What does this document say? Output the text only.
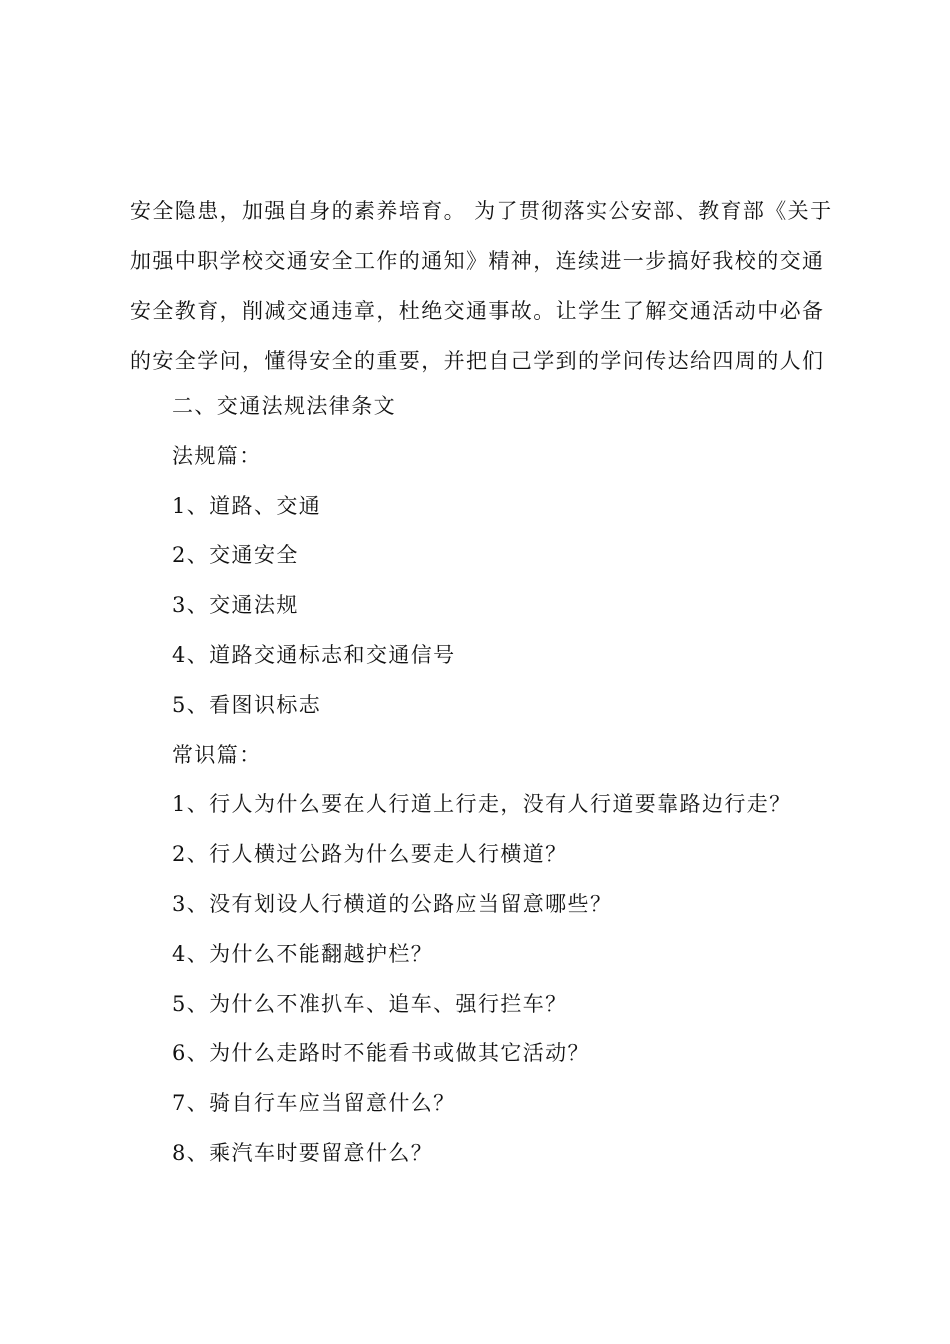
安全隐患，加强自身的素养培育。 为了贯彻落实公安部、教育部《关于
加强中职学校交通安全工作的通知》精神，连续进一步搞好我校的交通
安全教育，削减交通违章，杜绝交通事故。让学生了解交通活动中必备
的安全学问，懂得安全的重要，并把自己学到的学问传达给四周的人们

二、交通法规法律条文
法规篇：
1、道路、交通
2、交通安全
3、交通法规
4、道路交通标志和交通信号
5、看图识标志
常识篇：
1、行人为什么要在人行道上行走，没有人行道要靠路边行走？
2、行人横过公路为什么要走人行横道？
3、没有划设人行横道的公路应当留意哪些？
4、为什么不能翻越护栏？
5、为什么不准扒车、追车、强行拦车？
6、为什么走路时不能看书或做其它活动？
7、骑自行车应当留意什么？
8、乘汽车时要留意什么？
